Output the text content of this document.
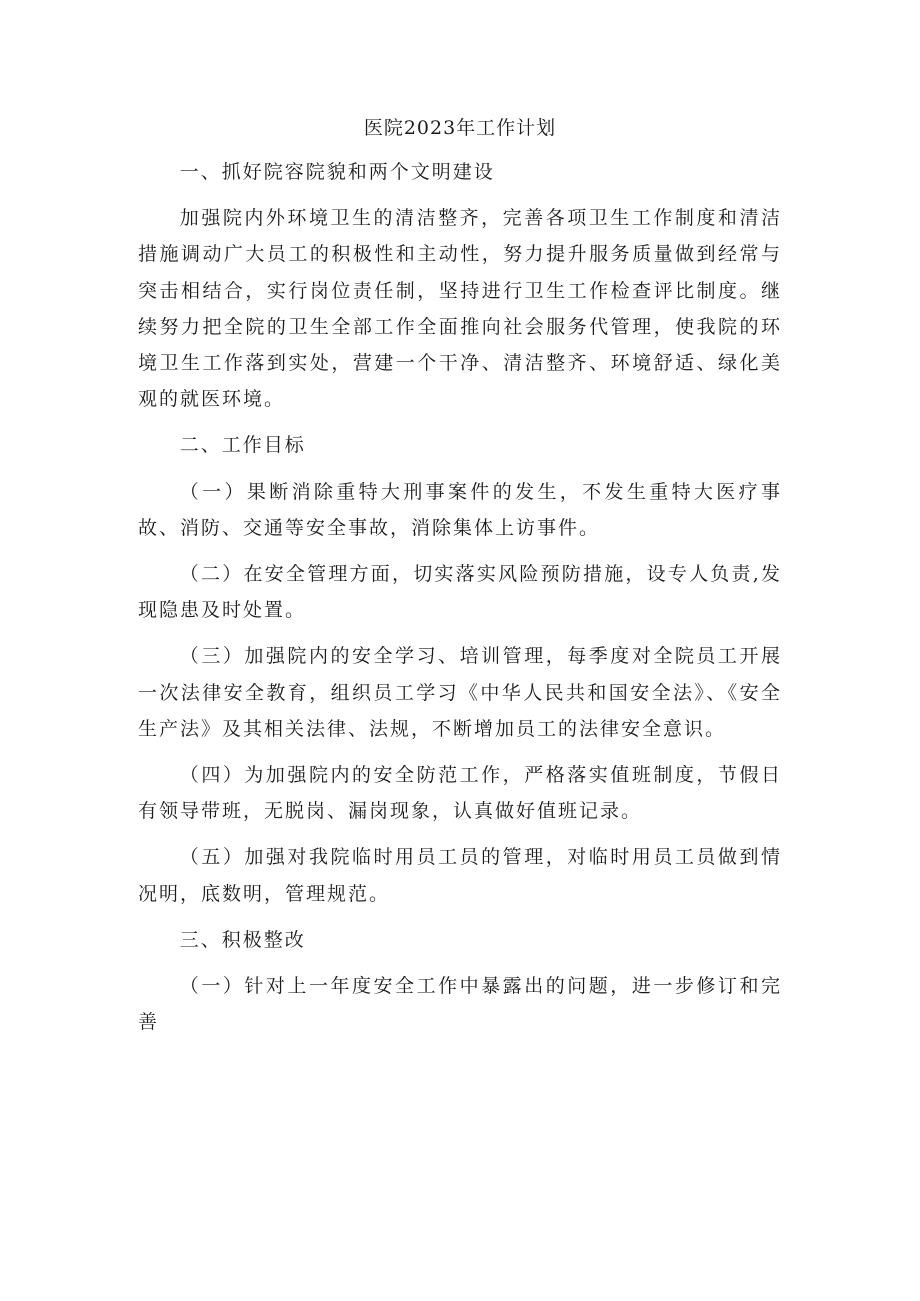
医院2023年工作计划

一、抓好院容院貌和两个文明建设

加强院内外环境卫生的清洁整齐，完善各项卫生工作制度和清洁措施调动广大员工的积极性和主动性，努力提升服务质量做到经常与突击相结合，实行岗位责任制，坚持进行卫生工作检查评比制度。继续努力把全院的卫生全部工作全面推向社会服务代管理，使我院的环境卫生工作落到实处，营建一个干净、清洁整齐、环境舒适、绿化美观的就医环境。

二、工作目标

（一）果断消除重特大刑事案件的发生，不发生重特大医疗事故、消防、交通等安全事故，消除集体上访事件。

（二）在安全管理方面，切实落实风险预防措施，设专人负责,发现隐患及时处置。

（三）加强院内的安全学习、培训管理，每季度对全院员工开展一次法律安全教育，组织员工学习《中华人民共和国安全法》、《安全生产法》及其相关法律、法规，不断增加员工的法律安全意识。

（四）为加强院内的安全防范工作，严格落实值班制度，节假日有领导带班，无脱岗、漏岗现象，认真做好值班记录。

（五）加强对我院临时用员工员的管理，对临时用员工员做到情况明，底数明，管理规范。

三、积极整改

（一）针对上一年度安全工作中暴露出的问题，进一步修订和完善
